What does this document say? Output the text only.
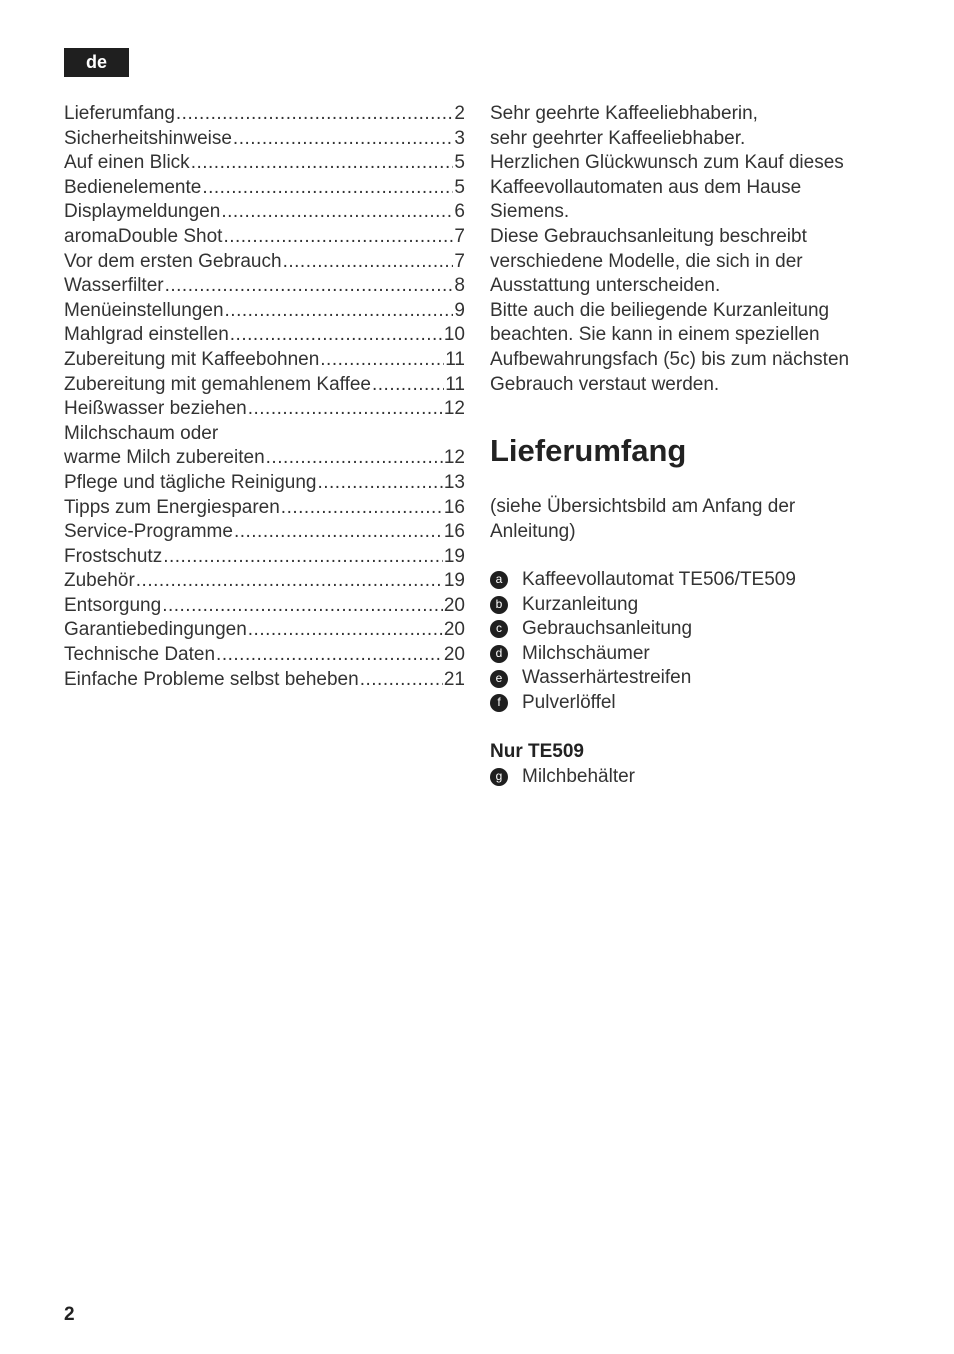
de
Lieferumfang .....	2
Sicherheitshinweise .....	3
Auf einen Blick .....	5
Bedienelemente .....	5
Displaymeldungen .....	6
aromaDouble Shot .....	7
Vor dem ersten Gebrauch .....	7
Wasserfilter .....	8
Menüeinstellungen .....	9
Mahlgrad einstellen .....	10
Zubereitung mit Kaffeebohnen .....	11
Zubereitung mit gemahlenem Kaffee .....	11
Heißwasser beziehen .....	12
Milchschaum oder
warme Milch zubereiten .....	12
Pflege und tägliche Reinigung .....	13
Tipps zum Energiesparen .....	16
Service-Programme .....	16
Frostschutz .....	19
Zubehör .....	19
Entsorgung .....	20
Garantiebedingungen .....	20
Technische Daten .....	20
Einfache Probleme selbst beheben .....	21

Sehr geehrte Kaffeeliebhaberin,

sehr geehrter Kaffeeliebhaber.

Herzlichen Glückwunsch zum Kauf dieses

Kaffeevollautomaten aus dem Hause

Siemens.

Diese Gebrauchsanleitung beschreibt

verschiedene Modelle, die sich in der

Ausstattung unterscheiden.

Bitte auch die beiliegende Kurzanleitung

beachten. Sie kann in einem speziellen

Aufbewahrungsfach (5c) bis zum nächsten

Gebrauch verstaut werden.

Lieferumfang

(siehe Übersichtsbild am Anfang der

Anleitung)

a Kaffeevollautomat TE506/TE509
b Kurzanleitung
c	Gebrauchsanleitung
d Milchschäumer
e Wasserhärtestreifen
f	Pulverlöffel

Nur TE509

g Milchbehälter
2
